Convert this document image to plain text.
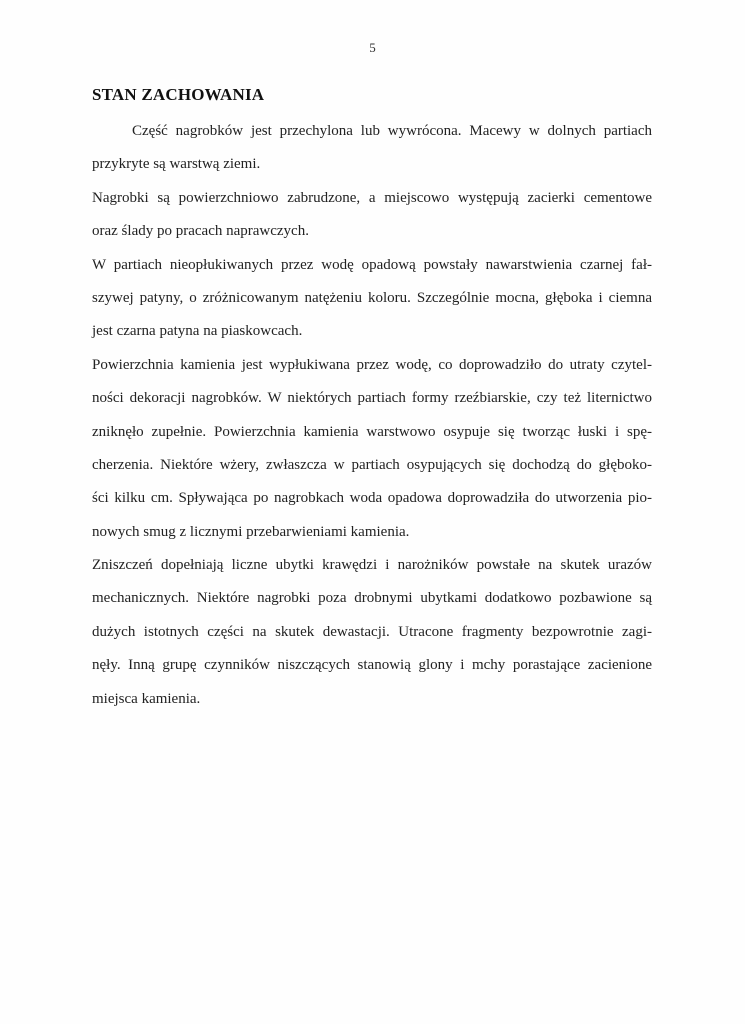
5
STAN ZACHOWANIA
Część nagrobków jest przechylona lub wywrócona. Macewy w dolnych partiach
przykryte są warstwą ziemi.
Nagrobki są powierzchniowo zabrudzone, a miejscowo występują zacierki cementowe
oraz ślady po pracach naprawczych.
W partiach nieopłukiwanych przez wodę opadową powstały nawarstwienia czarnej fał-
szywej patyny, o zróżnicowanym natężeniu koloru. Szczególnie mocna, głęboka i ciemna
jest czarna patyna na piaskowcach.
Powierzchnia kamienia jest wypłukiwana przez wodę, co doprowadziło do utraty czytel-
ności dekoracji nagrobków. W niektórych partiach formy rzeźbiarskie, czy też liternictwo
zniknęło zupełnie. Powierzchnia kamienia warstwowo osypuje się tworząc łuski i spę-
cherzenia. Niektóre wżery, zwłaszcza w partiach osypujących się dochodzą do głęboko-
ści kilku cm. Spływająca po nagrobkach woda opadowa doprowadziła do utworzenia pio-
nowych smug z licznymi przebarwieniami kamienia.
Zniszczeń dopełniają liczne ubytki krawędzi i narożników powstałe na skutek urazów
mechanicznych. Niektóre nagrobki poza drobnymi ubytkami dodatkowo pozbawione są
dużych istotnych części na skutek dewastacji. Utracone fragmenty bezpowrotnie zagi-
nęły. Inną grupę czynników niszczących stanowią glony i mchy porastające zacienione
miejsca kamienia.
